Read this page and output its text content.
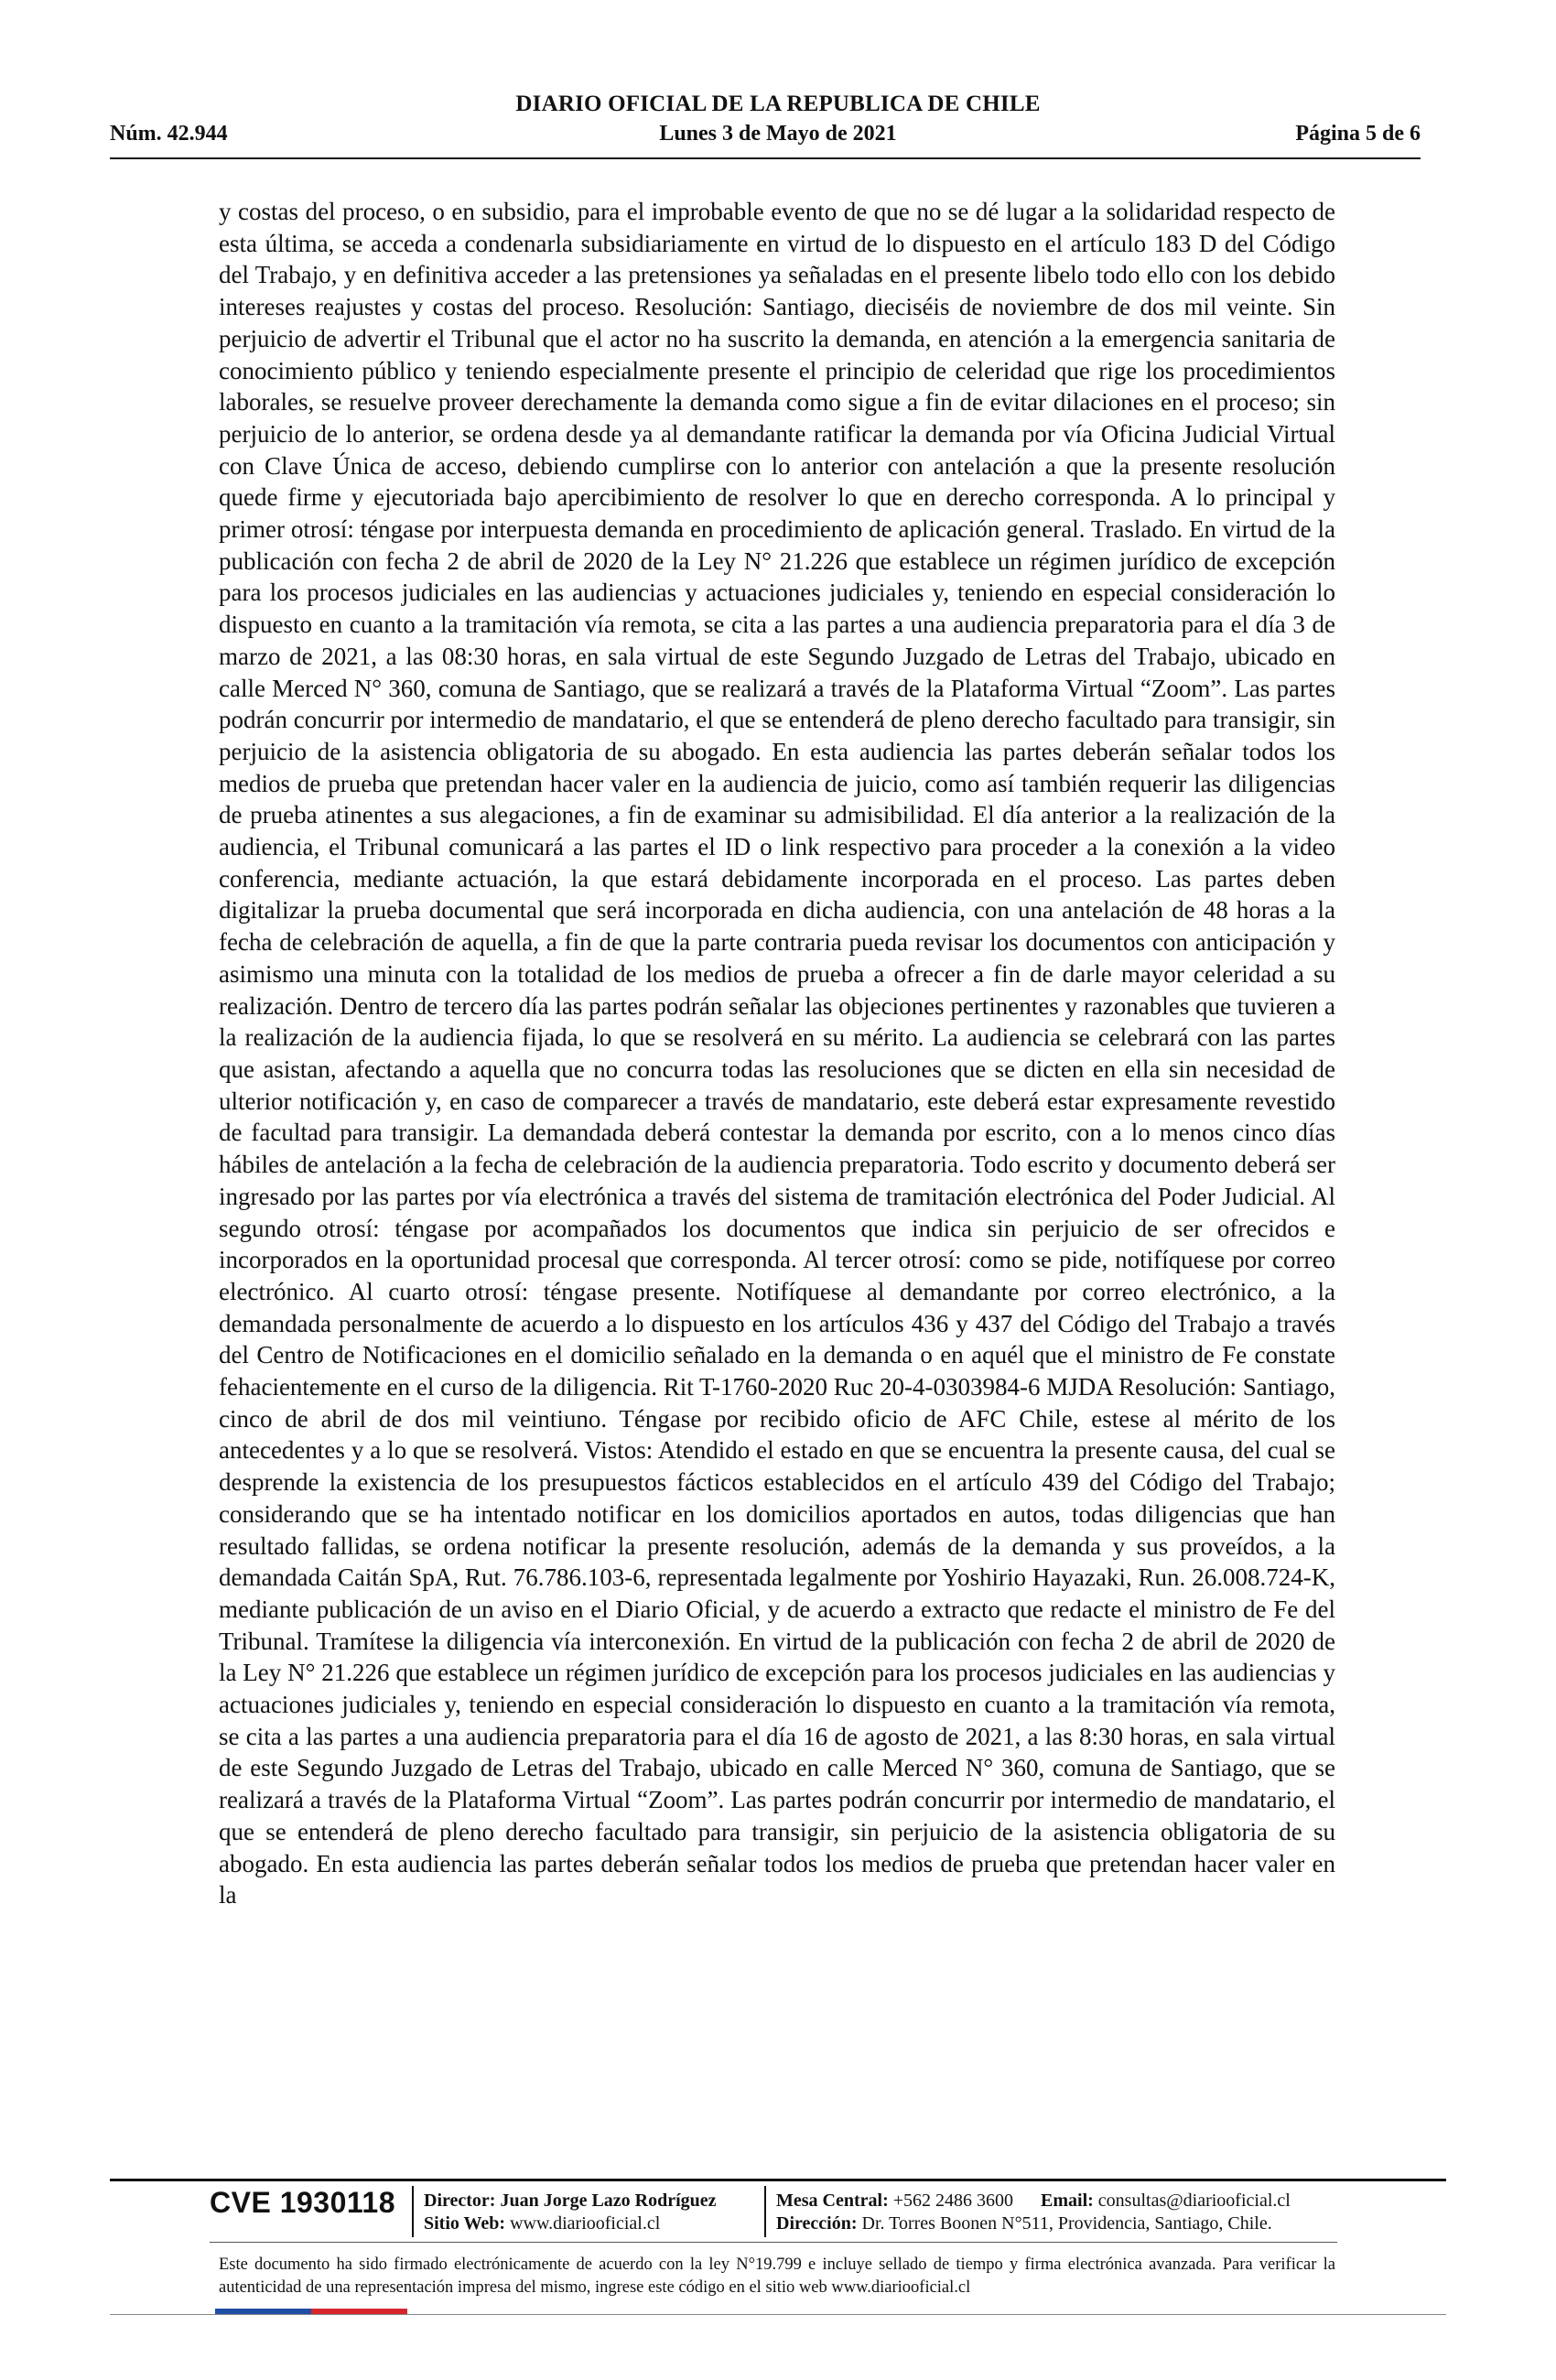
DIARIO OFICIAL DE LA REPUBLICA DE CHILE
Núm. 42.944	Lunes 3 de Mayo de 2021	Página 5 de 6
y costas del proceso, o en subsidio, para el improbable evento de que no se dé lugar a la solidaridad respecto de esta última, se acceda a condenarla subsidiariamente en virtud de lo dispuesto en el artículo 183 D del Código del Trabajo, y en definitiva acceder a las pretensiones ya señaladas en el presente libelo todo ello con los debido intereses reajustes y costas del proceso. Resolución: Santiago, dieciséis de noviembre de dos mil veinte. Sin perjuicio de advertir el Tribunal que el actor no ha suscrito la demanda, en atención a la emergencia sanitaria de conocimiento público y teniendo especialmente presente el principio de celeridad que rige los procedimientos laborales, se resuelve proveer derechamente la demanda como sigue a fin de evitar dilaciones en el proceso; sin perjuicio de lo anterior, se ordena desde ya al demandante ratificar la demanda por vía Oficina Judicial Virtual con Clave Única de acceso, debiendo cumplirse con lo anterior con antelación a que la presente resolución quede firme y ejecutoriada bajo apercibimiento de resolver lo que en derecho corresponda. A lo principal y primer otrosí: téngase por interpuesta demanda en procedimiento de aplicación general. Traslado. En virtud de la publicación con fecha 2 de abril de 2020 de la Ley N° 21.226 que establece un régimen jurídico de excepción para los procesos judiciales en las audiencias y actuaciones judiciales y, teniendo en especial consideración lo dispuesto en cuanto a la tramitación vía remota, se cita a las partes a una audiencia preparatoria para el día 3 de marzo de 2021, a las 08:30 horas, en sala virtual de este Segundo Juzgado de Letras del Trabajo, ubicado en calle Merced N° 360, comuna de Santiago, que se realizará a través de la Plataforma Virtual “Zoom”. Las partes podrán concurrir por intermedio de mandatario, el que se entenderá de pleno derecho facultado para transigir, sin perjuicio de la asistencia obligatoria de su abogado. En esta audiencia las partes deberán señalar todos los medios de prueba que pretendan hacer valer en la audiencia de juicio, como así también requerir las diligencias de prueba atinentes a sus alegaciones, a fin de examinar su admisibilidad. El día anterior a la realización de la audiencia, el Tribunal comunicará a las partes el ID o link respectivo para proceder a la conexión a la video conferencia, mediante actuación, la que estará debidamente incorporada en el proceso. Las partes deben digitalizar la prueba documental que será incorporada en dicha audiencia, con una antelación de 48 horas a la fecha de celebración de aquella, a fin de que la parte contraria pueda revisar los documentos con anticipación y asimismo una minuta con la totalidad de los medios de prueba a ofrecer a fin de darle mayor celeridad a su realización. Dentro de tercero día las partes podrán señalar las objeciones pertinentes y razonables que tuvieren a la realización de la audiencia fijada, lo que se resolverá en su mérito. La audiencia se celebrará con las partes que asistan, afectando a aquella que no concurra todas las resoluciones que se dicten en ella sin necesidad de ulterior notificación y, en caso de comparecer a través de mandatario, este deberá estar expresamente revestido de facultad para transigir. La demandada deberá contestar la demanda por escrito, con a lo menos cinco días hábiles de antelación a la fecha de celebración de la audiencia preparatoria. Todo escrito y documento deberá ser ingresado por las partes por vía electrónica a través del sistema de tramitación electrónica del Poder Judicial. Al segundo otrosí: téngase por acompañados los documentos que indica sin perjuicio de ser ofrecidos e incorporados en la oportunidad procesal que corresponda. Al tercer otrosí: como se pide, notifíquese por correo electrónico. Al cuarto otrosí: téngase presente. Notifíquese al demandante por correo electrónico, a la demandada personalmente de acuerdo a lo dispuesto en los artículos 436 y 437 del Código del Trabajo a través del Centro de Notificaciones en el domicilio señalado en la demanda o en aquél que el ministro de Fe constate fehacientemente en el curso de la diligencia. Rit T-1760-2020 Ruc 20-4-0303984-6 MJDA Resolución: Santiago, cinco de abril de dos mil veintiuno. Téngase por recibido oficio de AFC Chile, estese al mérito de los antecedentes y a lo que se resolverá. Vistos: Atendido el estado en que se encuentra la presente causa, del cual se desprende la existencia de los presupuestos fácticos establecidos en el artículo 439 del Código del Trabajo; considerando que se ha intentado notificar en los domicilios aportados en autos, todas diligencias que han resultado fallidas, se ordena notificar la presente resolución, además de la demanda y sus proveídos, a la demandada Caitán SpA, Rut. 76.786.103-6, representada legalmente por Yoshirio Hayazaki, Run. 26.008.724-K, mediante publicación de un aviso en el Diario Oficial, y de acuerdo a extracto que redacte el ministro de Fe del Tribunal. Tramítese la diligencia vía interconexión. En virtud de la publicación con fecha 2 de abril de 2020 de la Ley N° 21.226 que establece un régimen jurídico de excepción para los procesos judiciales en las audiencias y actuaciones judiciales y, teniendo en especial consideración lo dispuesto en cuanto a la tramitación vía remota, se cita a las partes a una audiencia preparatoria para el día 16 de agosto de 2021, a las 8:30 horas, en sala virtual de este Segundo Juzgado de Letras del Trabajo, ubicado en calle Merced N° 360, comuna de Santiago, que se realizará a través de la Plataforma Virtual “Zoom”. Las partes podrán concurrir por intermedio de mandatario, el que se entenderá de pleno derecho facultado para transigir, sin perjuicio de la asistencia obligatoria de su abogado. En esta audiencia las partes deberán señalar todos los medios de prueba que pretendan hacer valer en la
CVE 1930118 Director: Juan Jorge Lazo Rodríguez
Sitio Web: www.diariooficial.cl
Mesa Central: +562 2486 3600 Email: consultas@diariooficial.cl
Dirección: Dr. Torres Boonen N°511, Providencia, Santiago, Chile.
Este documento ha sido firmado electrónicamente de acuerdo con la ley N°19.799 e incluye sellado de tiempo y firma electrónica avanzada. Para verificar la autenticidad de una representación impresa del mismo, ingrese este código en el sitio web www.diariooficial.cl
